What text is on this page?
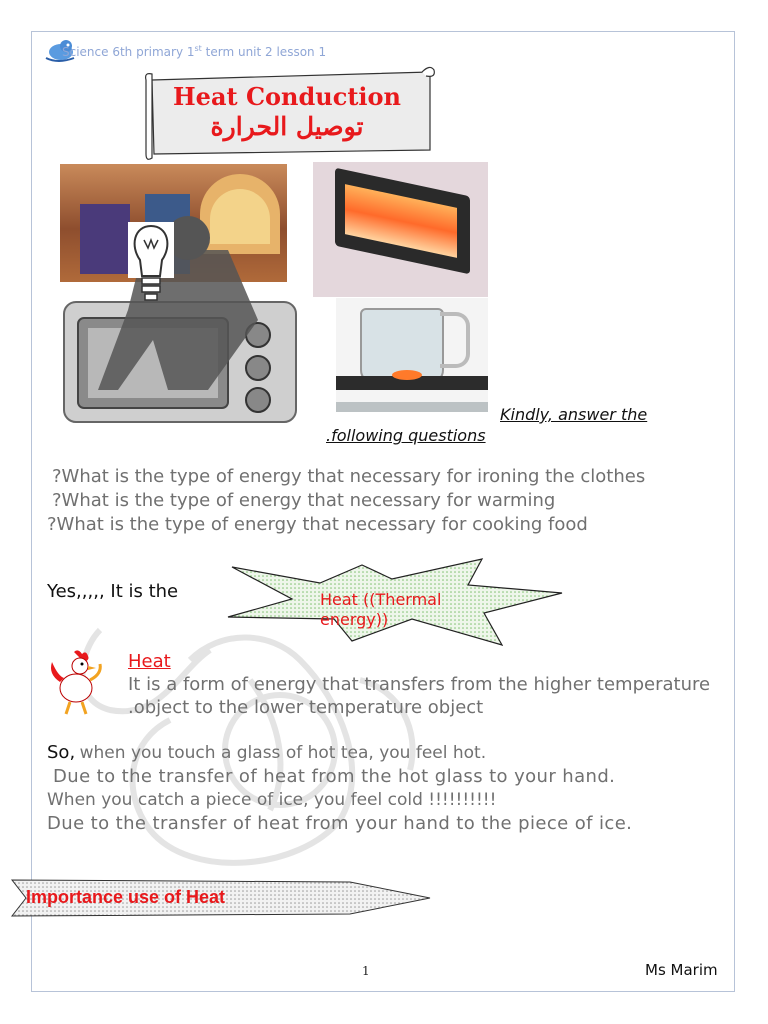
Science 6th primary 1st term unit 2 lesson 1
Heat Conduction
توصيل الحرارة
Kindly, answer the
.following questions
?What is the type of energy that necessary for ironing the clothes
?What is the type of energy that necessary for warming
?What is the type of energy that necessary for cooking food
Yes,,,,, It is the	Heat ((Thermal
energy))
Heat
It is a form of energy that transfers from the higher temperature
.object to the lower temperature object
So, when you touch a glass of hot tea, you feel hot.
Due to the transfer of heat from the hot glass to your hand.
When you catch a piece of ice, you feel cold !!!!!!!!!!
Due to the transfer of heat from your hand to the piece of ice.
Importance use of Heat
1	Ms Marim
